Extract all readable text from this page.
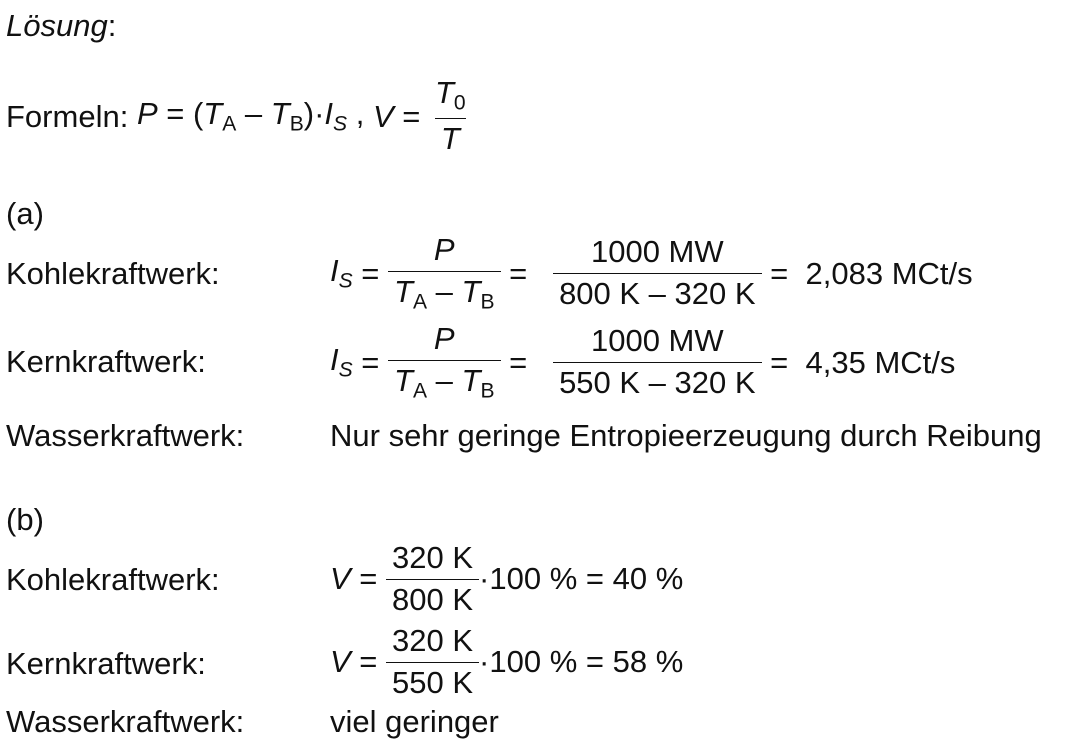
Lösung:
Formeln: $P = (T_A - T_B)\cdot I_S$ , $V = \frac{T_0}{T}$
(a)
Kohlekraftwerk:	$I_S = \frac{P}{T_A - T_B} = \frac{1000 MW}{800 K - 320 K} = 2,083$ MCt/s
Kernkraftwerk:	$I_S = \frac{P}{T_A - T_B} = \frac{1000 MW}{550 K - 320 K} = 4,35$ MCt/s
Wasserkraftwerk:	Nur sehr geringe Entropieerzeugung durch Reibung
(b)
Kohlekraftwerk:	$V = \frac{320 K}{800 K} \cdot 100$ % = 40 %
Kernkraftwerk:	$V = \frac{320 K}{550 K} \cdot 100$ % = 58 %
Wasserkraftwerk:	viel geringer
